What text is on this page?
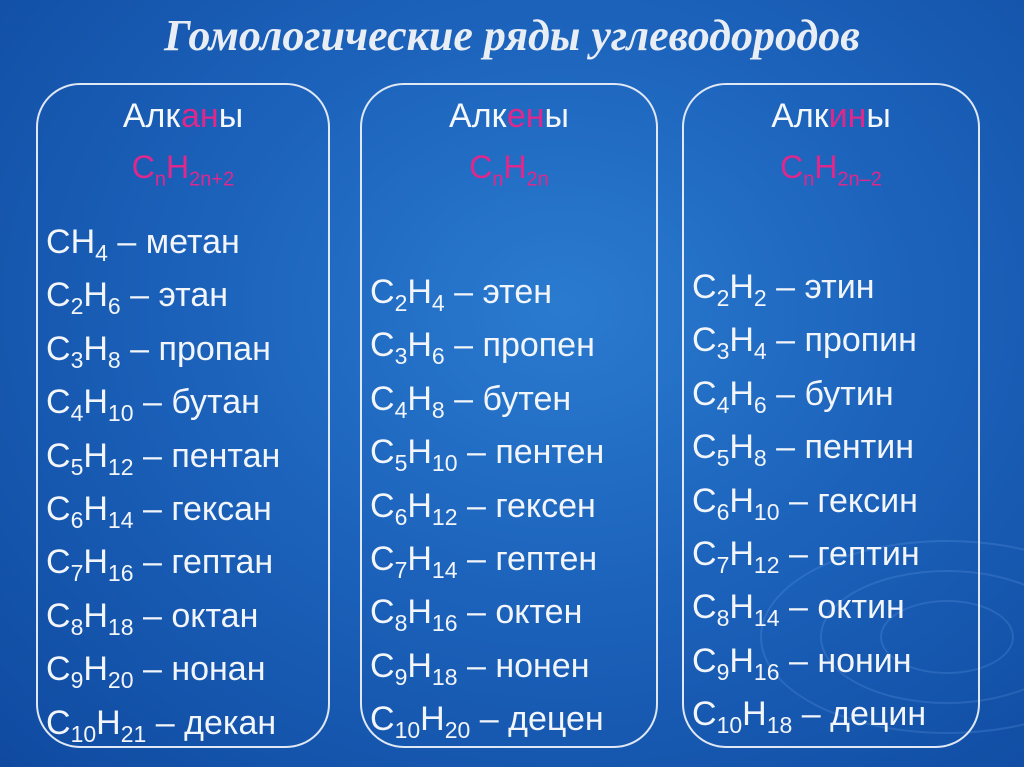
Гомологические ряды углеводородов
Алканы
$C_nH_{2n+2}$
$CH_4$ – метан
$C_2H_6$ – этан
$C_3H_8$ – пропан
$C_4H_{10}$ – бутан
$C_5H_{12}$ – пентан
$C_6H_{14}$ – гексан
$C_7H_{16}$ – гептан
$C_8H_{18}$ – октан
$C_9H_{20}$ – нонан
$C_{10}H_{21}$ – декан
Алкены
$C_nH_{2n}$
$C_2H_4$ – этен
$C_3H_6$ – пропен
$C_4H_8$ – бутен
$C_5H_{10}$ – пентен
$C_6H_{12}$ – гексен
$C_7H_{14}$ – гептен
$C_8H_{16}$ – октен
$C_9H_{18}$ – нонен
$C_{10}H_{20}$ – децен
Алкины
$C_nH_{2n-2}$
$C_2H_2$ – этин
$C_3H_4$ – пропин
$C_4H_6$ – бутин
$C_5H_8$ – пентин
$C_6H_{10}$ – гексин
$C_7H_{12}$ – гептин
$C_8H_{14}$ – октин
$C_9H_{16}$ – нонин
$C_{10}H_{18}$ – децин
